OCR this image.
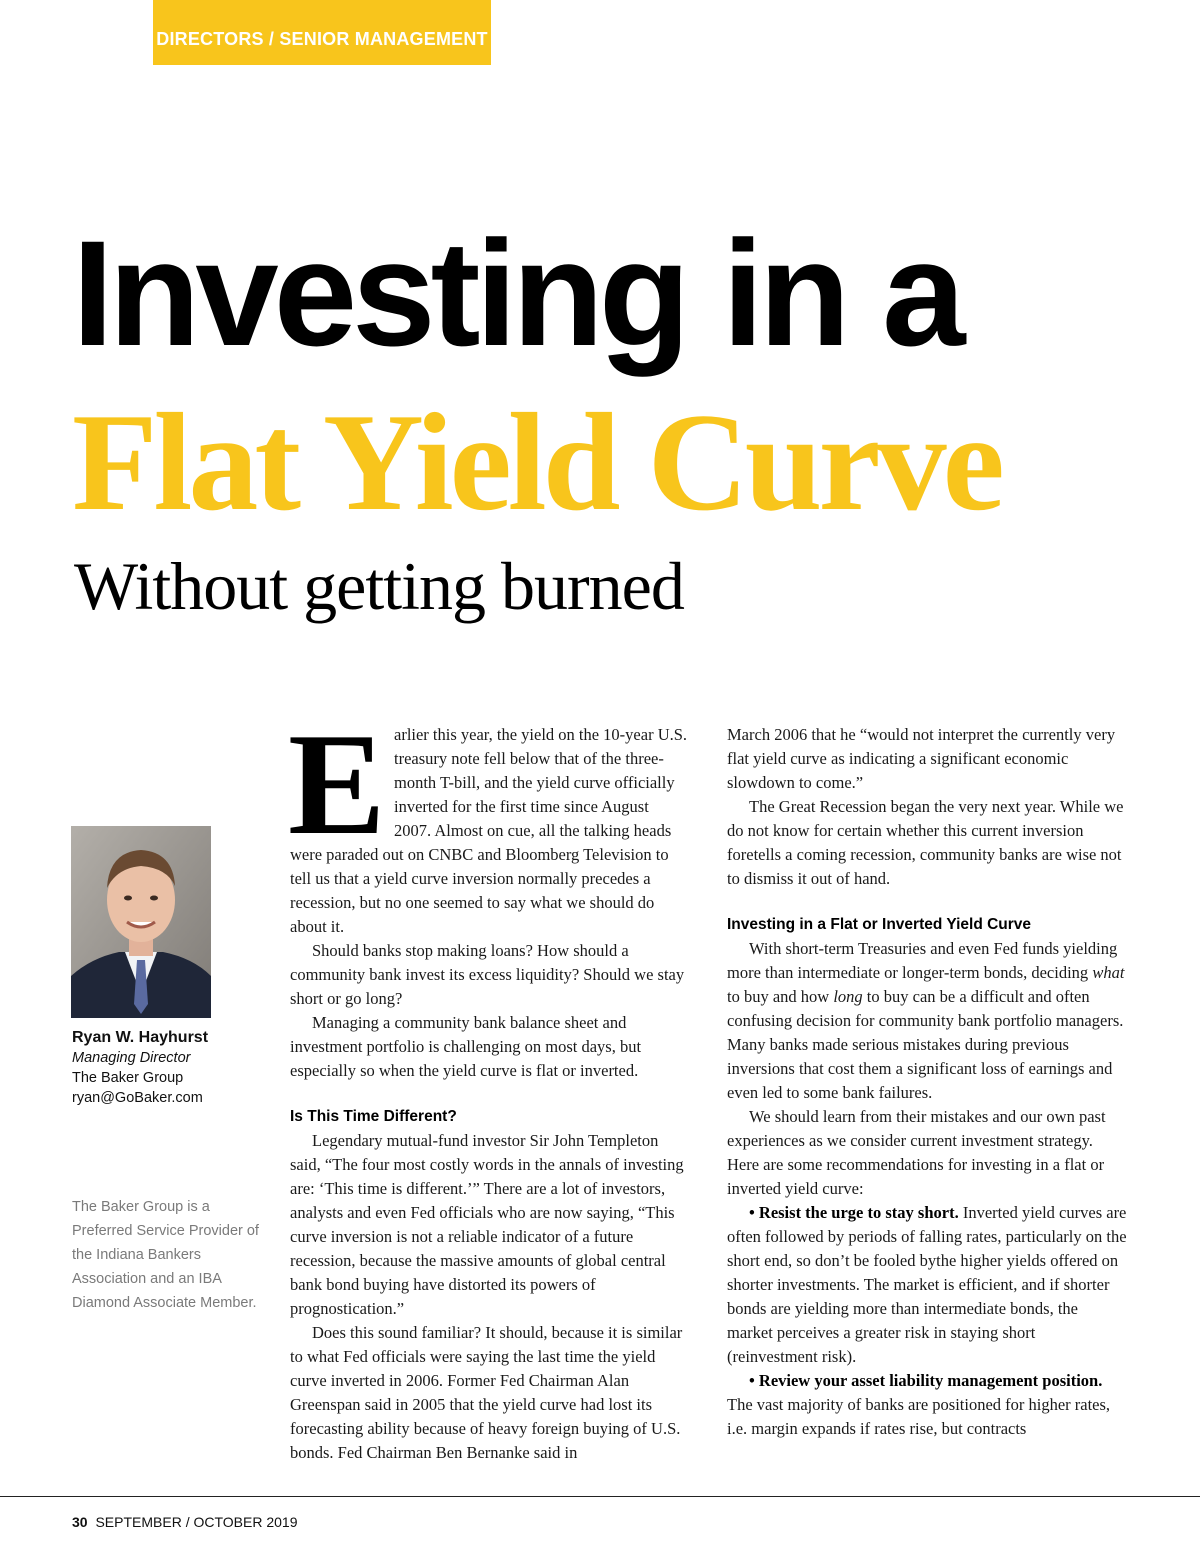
DIRECTORS / SENIOR MANAGEMENT
Investing in a
Flat Yield Curve
Without getting burned
Ryan W. Hayhurst
Managing Director
The Baker Group
ryan@GoBaker.com
The Baker Group is a Preferred Service Provider of the Indiana Bankers Association and an IBA Diamond Associate Member.

Earlier this year, the yield on the 10-year U.S. treasury note fell below that of the three-month T-bill, and the yield curve officially inverted for the first time since August 2007. Almost on cue, all the talking heads were paraded out on CNBC and Bloomberg Television to tell us that a yield curve inversion normally precedes a recession, but no one seemed to say what we should do about it.

Should banks stop making loans? How should a community bank invest its excess liquidity? Should we stay short or go long?

Managing a community bank balance sheet and investment portfolio is challenging on most days, but especially so when the yield curve is flat or inverted.

Is This Time Different?

Legendary mutual-fund investor Sir John Templeton said, “The four most costly words in the annals of investing are: ‘This time is different.’” There are a lot of investors, analysts and even Fed officials who are now saying, “This curve inversion is not a reliable indicator of a future recession, because the massive amounts of global central bank bond buying have distorted its powers of prognostication.”

Does this sound familiar? It should, because it is similar to what Fed officials were saying the last time the yield curve inverted in 2006. Former Fed Chairman Alan Greenspan said in 2005 that the yield curve had lost its forecasting ability because of heavy foreign buying of U.S. bonds. Fed Chairman Ben Bernanke said in

March 2006 that he “would not interpret the currently very flat yield curve as indicating a significant economic slowdown to come.”

The Great Recession began the very next year. While we do not know for certain whether this current inversion foretells a coming recession, community banks are wise not to dismiss it out of hand.

Investing in a Flat or Inverted Yield Curve

With short-term Treasuries and even Fed funds yielding more than intermediate or longer-term bonds, deciding what to buy and how long to buy can be a difficult and often confusing decision for community bank portfolio managers. Many banks made serious mistakes during previous inversions that cost them a significant loss of earnings and even led to some bank failures.

We should learn from their mistakes and our own past experiences as we consider current investment strategy. Here are some recommendations for investing in a flat or inverted yield curve:

• Resist the urge to stay short. Inverted yield curves are often followed by periods of falling rates, particularly on the short end, so don’t be fooled bythe higher yields offered on shorter investments. The market is efficient, and if shorter bonds are yielding more than intermediate bonds, the market perceives a greater risk in staying short (reinvestment risk).

• Review your asset liability management position. The vast majority of banks are positioned for higher rates, i.e. margin expands if rates rise, but contracts

30 SEPTEMBER / OCTOBER 2019
